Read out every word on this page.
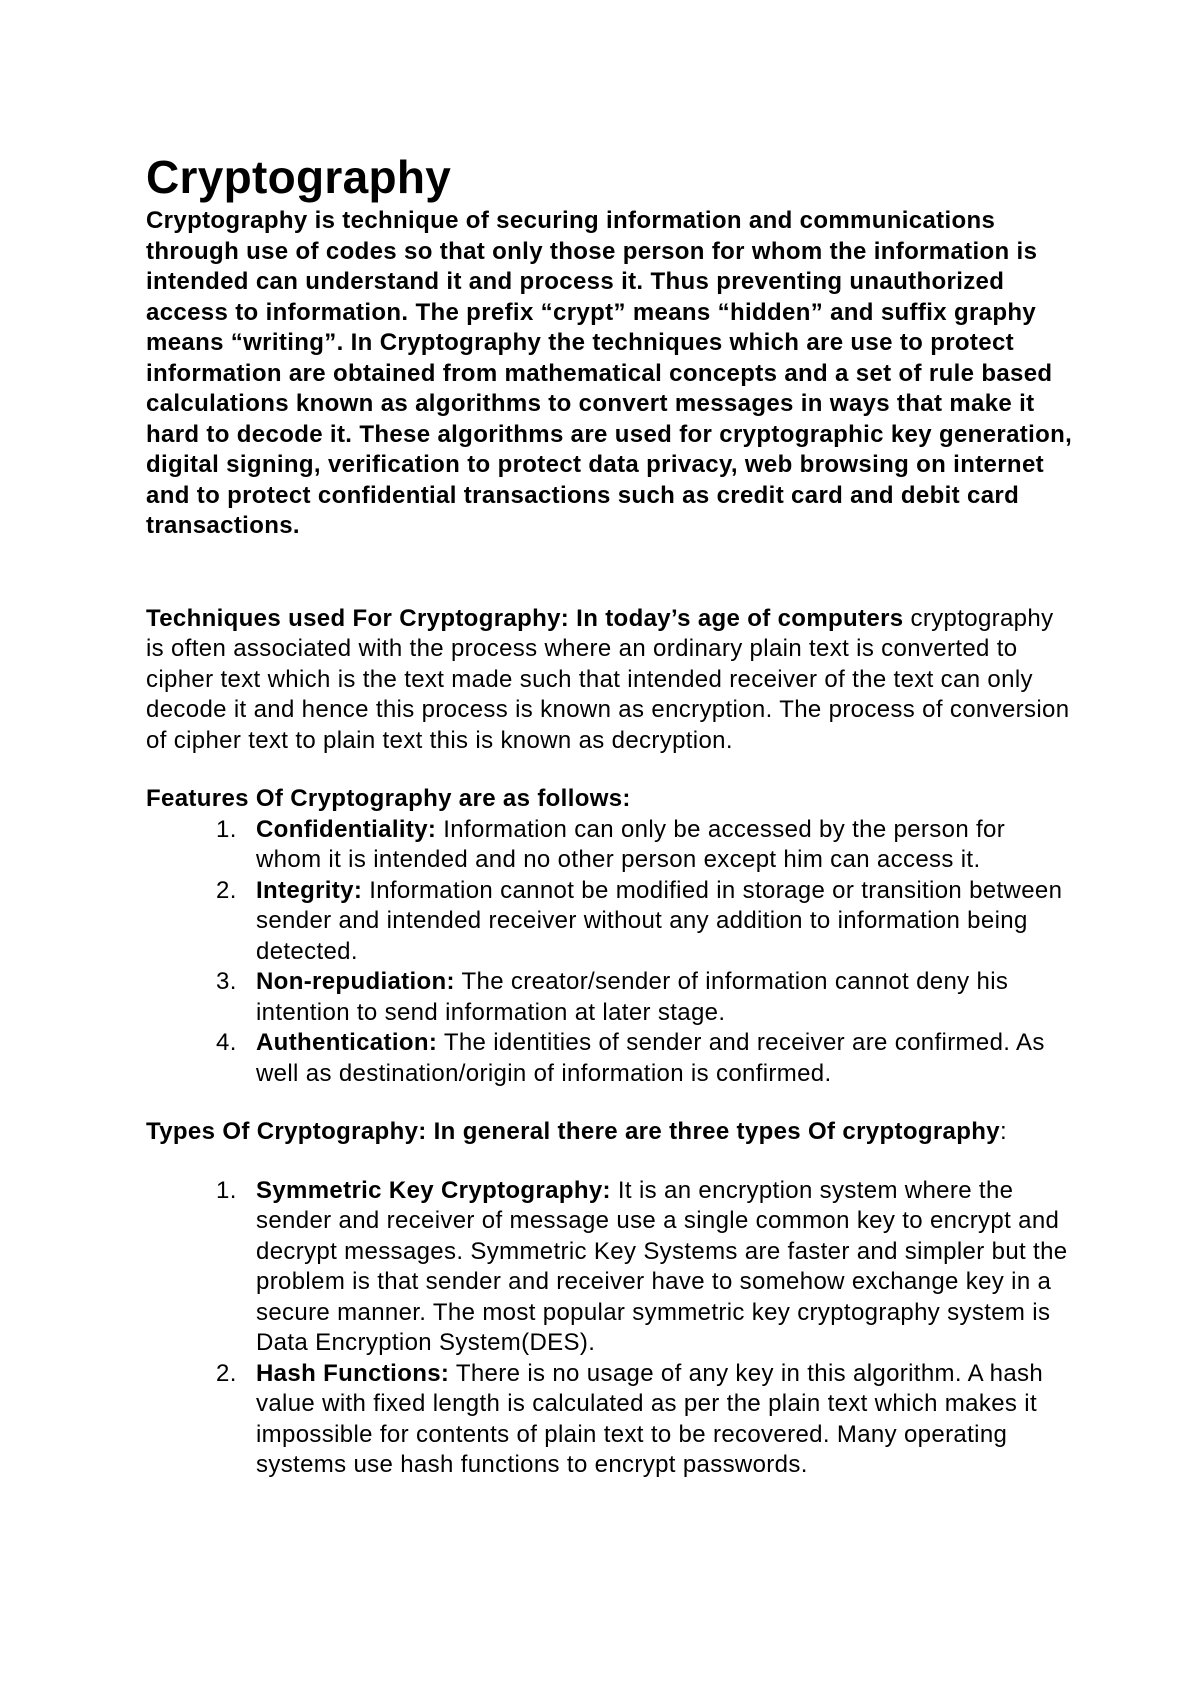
Cryptography

Cryptography is technique of securing information and communications through use of codes so that only those person for whom the information is intended can understand it and process it. Thus preventing unauthorized access to information. The prefix “crypt” means “hidden” and suffix graphy means “writing”. In Cryptography the techniques which are use to protect information are obtained from mathematical concepts and a set of rule based calculations known as algorithms to convert messages in ways that make it hard to decode it. These algorithms are used for cryptographic key generation, digital signing, verification to protect data privacy, web browsing on internet and to protect confidential transactions such as credit card and debit card transactions.

Techniques used For Cryptography: In today’s age of computers cryptography is often associated with the process where an ordinary plain text is converted to cipher text which is the text made such that intended receiver of the text can only decode it and hence this process is known as encryption. The process of conversion of cipher text to plain text this is known as decryption.

Features Of Cryptography are as follows:

1. Confidentiality: Information can only be accessed by the person for whom it is intended and no other person except him can access it.
2. Integrity: Information cannot be modified in storage or transition between sender and intended receiver without any addition to information being detected.
3. Non-repudiation: The creator/sender of information cannot deny his intention to send information at later stage.
4. Authentication: The identities of sender and receiver are confirmed. As well as destination/origin of information is confirmed.

Types Of Cryptography: In general there are three types Of cryptography:

1. Symmetric Key Cryptography: It is an encryption system where the sender and receiver of message use a single common key to encrypt and decrypt messages. Symmetric Key Systems are faster and simpler but the problem is that sender and receiver have to somehow exchange key in a secure manner. The most popular symmetric key cryptography system is Data Encryption System(DES).
2. Hash Functions: There is no usage of any key in this algorithm. A hash value with fixed length is calculated as per the plain text which makes it impossible for contents of plain text to be recovered. Many operating systems use hash functions to encrypt passwords.
